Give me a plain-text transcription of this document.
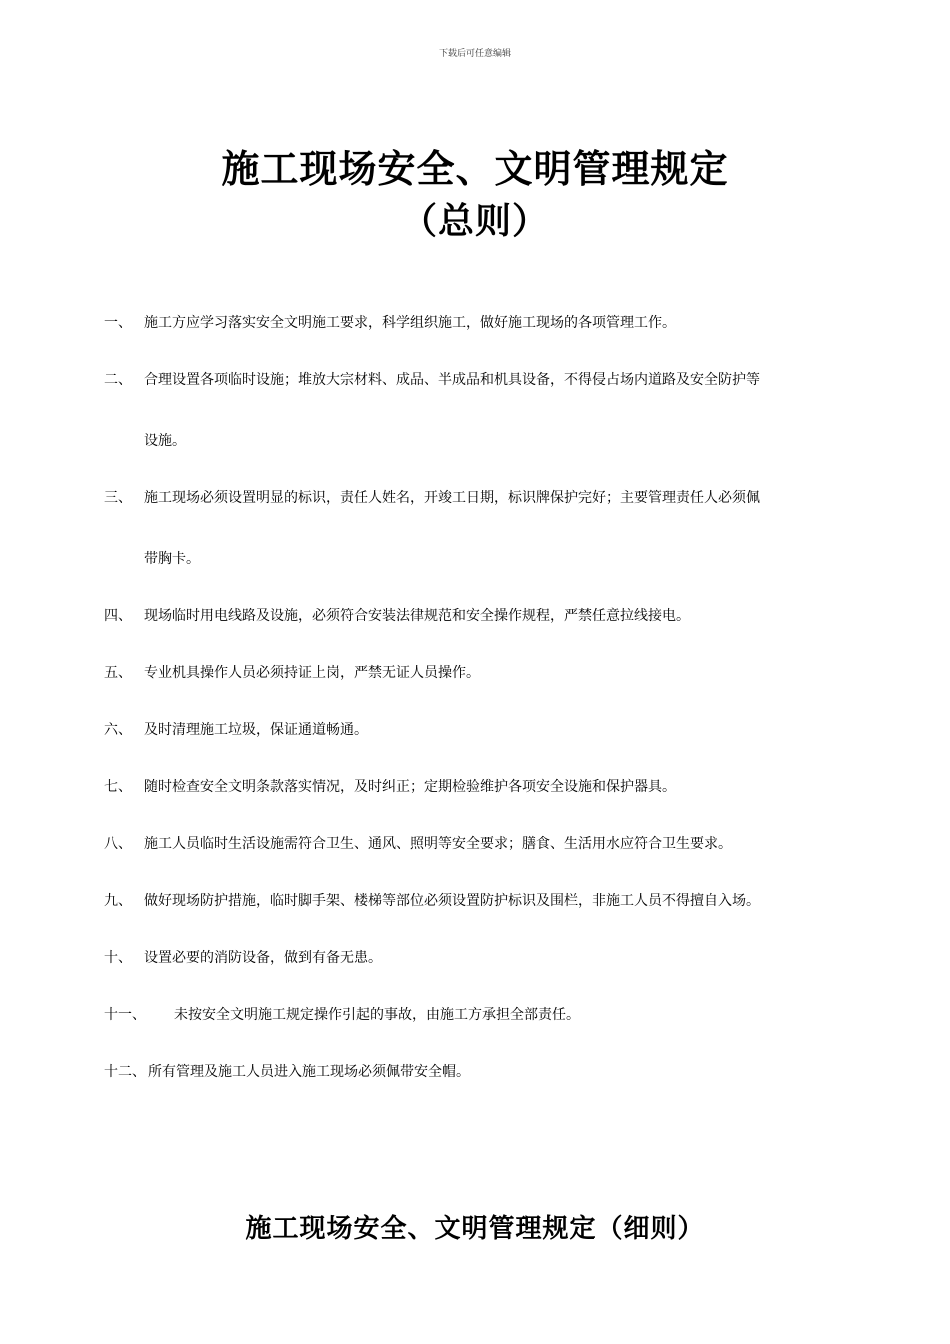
下载后可任意编辑
施工现场安全、文明管理规定
（总则）
一、 施工方应学习落实安全文明施工要求，科学组织施工，做好施工现场的各项管理工作。
二、 合理设置各项临时设施；堆放大宗材料、成品、半成品和机具设备，不得侵占场内道路及安全防护等
设施。
三、 施工现场必须设置明显的标识，责任人姓名，开竣工日期，标识牌保护完好；主要管理责任人必须佩
带胸卡。
四、 现场临时用电线路及设施，必须符合安装法律规范和安全操作规程，严禁任意拉线接电。
五、 专业机具操作人员必须持证上岗，严禁无证人员操作。
六、 及时清理施工垃圾，保证通道畅通。
七、 随时检查安全文明条款落实情况，及时纠正；定期检验维护各项安全设施和保护器具。
八、 施工人员临时生活设施需符合卫生、通风、照明等安全要求；膳食、生活用水应符合卫生要求。
九、 做好现场防护措施，临时脚手架、楼梯等部位必须设置防护标识及围栏，非施工人员不得擅自入场。
十、 设置必要的消防设备，做到有备无患。
十一、 未按安全文明施工规定操作引起的事故，由施工方承担全部责任。
十二、 所有管理及施工人员进入施工现场必须佩带安全帽。
施工现场安全、文明管理规定（细则）
